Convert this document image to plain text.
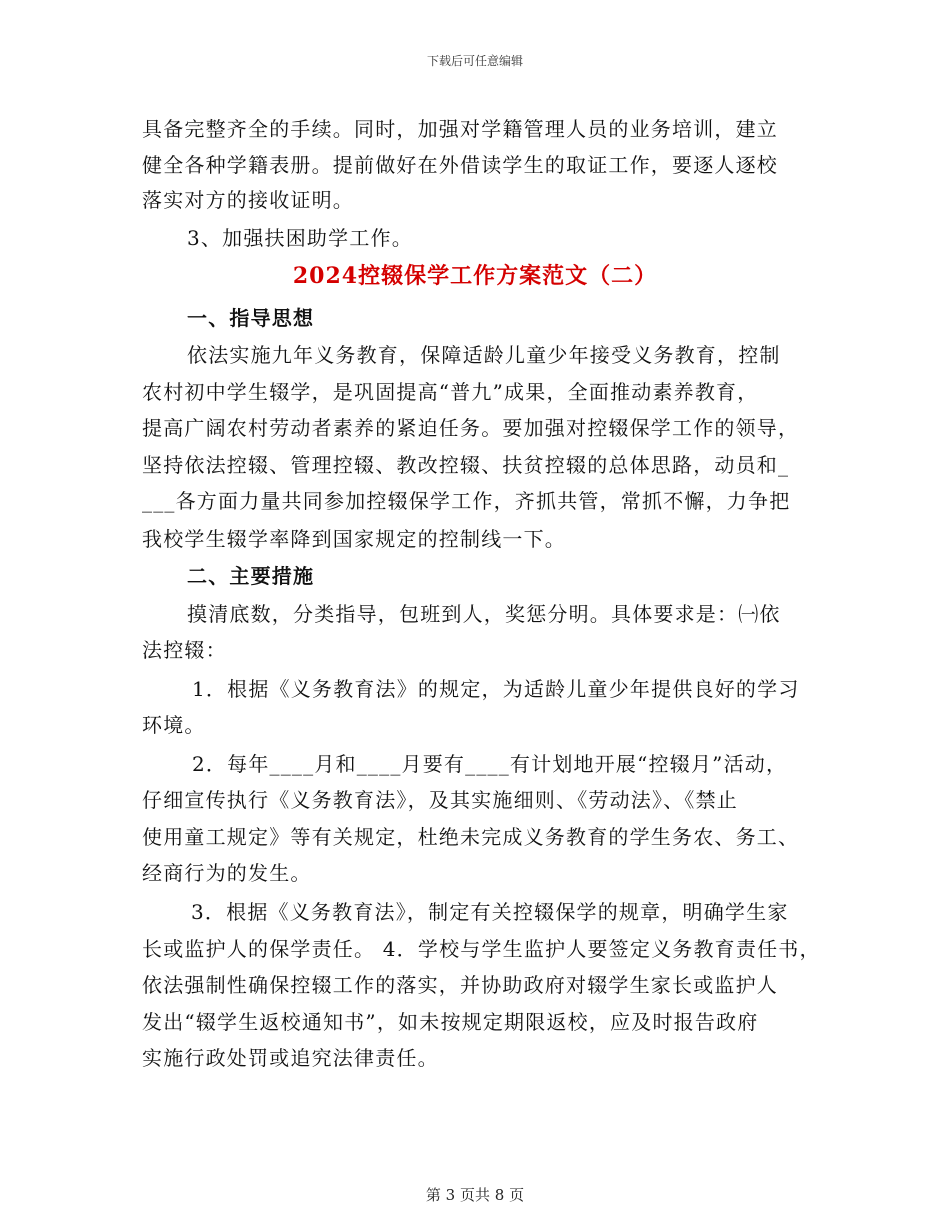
下载后可任意编辑
具备完整齐全的手续。同时，加强对学籍管理人员的业务培训，建立
健全各种学籍表册。提前做好在外借读学生的取证工作，要逐人逐校
落实对方的接收证明。
3、加强扶困助学工作。
2024控辍保学工作方案范文（二）
一、指导思想
依法实施九年义务教育，保障适龄儿童少年接受义务教育，控制
农村初中学生辍学，是巩固提高“普九”成果，全面推动素养教育，
提高广阔农村劳动者素养的紧迫任务。要加强对控辍保学工作的领导，
坚持依法控辍、管理控辍、教改控辍、扶贫控辍的总体思路，动员和_
___各方面力量共同参加控辍保学工作，齐抓共管，常抓不懈，力争把
我校学生辍学率降到国家规定的控制线一下。
二、主要措施
摸清底数，分类指导，包班到人，奖惩分明。具体要求是：㈠依
法控辍：
1．根据《义务教育法》的规定，为适龄儿童少年提供良好的学习
环境。
2．每年____月和____月要有____有计划地开展“控辍月”活动，
仔细宣传执行《义务教育法》，及其实施细则、《劳动法》、《禁止
使用童工规定》等有关规定，杜绝未完成义务教育的学生务农、务工、
经商行为的发生。
3．根据《义务教育法》，制定有关控辍保学的规章，明确学生家
长或监护人的保学责任。 4．学校与学生监护人要签定义务教育责任书，
依法强制性确保控辍工作的落实，并协助政府对辍学生家长或监护人
发出“辍学生返校通知书”，如未按规定期限返校，应及时报告政府
实施行政处罚或追究法律责任。
第 3 页共 8 页
